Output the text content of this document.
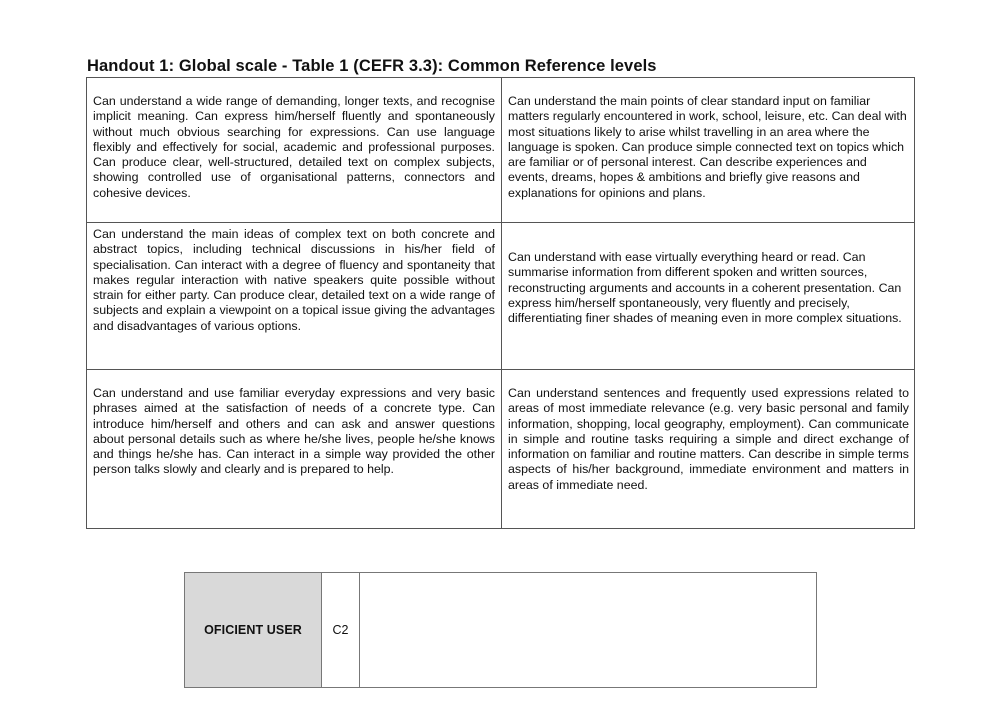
Handout 1: Global scale - Table 1 (CEFR 3.3): Common Reference levels
Can understand a wide range of demanding, longer texts, and recognise implicit meaning. Can express him/herself fluently and spontaneously without much obvious searching for expressions. Can use language flexibly and effectively for social, academic and professional purposes. Can produce clear, well-structured, detailed text on complex subjects, showing controlled use of organisational patterns, connectors and cohesive devices.
Can understand the main points of clear standard input on familiar matters regularly encountered in work, school, leisure, etc. Can deal with most situations likely to arise whilst travelling in an area where the language is spoken. Can produce simple connected text on topics which are familiar or of personal interest. Can describe experiences and events, dreams, hopes & ambitions and briefly give reasons and explanations for opinions and plans.
Can understand the main ideas of complex text on both concrete and abstract topics, including technical discussions in his/her field of specialisation. Can interact with a degree of fluency and spontaneity that makes regular interaction with native speakers quite possible without strain for either party. Can produce clear, detailed text on a wide range of subjects and explain a viewpoint on a topical issue giving the advantages and disadvantages of various options.
Can understand with ease virtually everything heard or read. Can summarise information from different spoken and written sources, reconstructing arguments and accounts in a coherent presentation. Can express him/herself spontaneously, very fluently and precisely, differentiating finer shades of meaning even in more complex situations.
Can understand and use familiar everyday expressions and very basic phrases aimed at the satisfaction of needs of a concrete type. Can introduce him/herself and others and can ask and answer questions about personal details such as where he/she lives, people he/she knows and things he/she has. Can interact in a simple way provided the other person talks slowly and clearly and is prepared to help.
Can understand sentences and frequently used expressions related to areas of most immediate relevance (e.g. very basic personal and family information, shopping, local geography, employment). Can communicate in simple and routine tasks requiring a simple and direct exchange of information on familiar and routine matters. Can describe in simple terms aspects of his/her background, immediate environment and matters in areas of immediate need.
OFICIENT USER	C2
